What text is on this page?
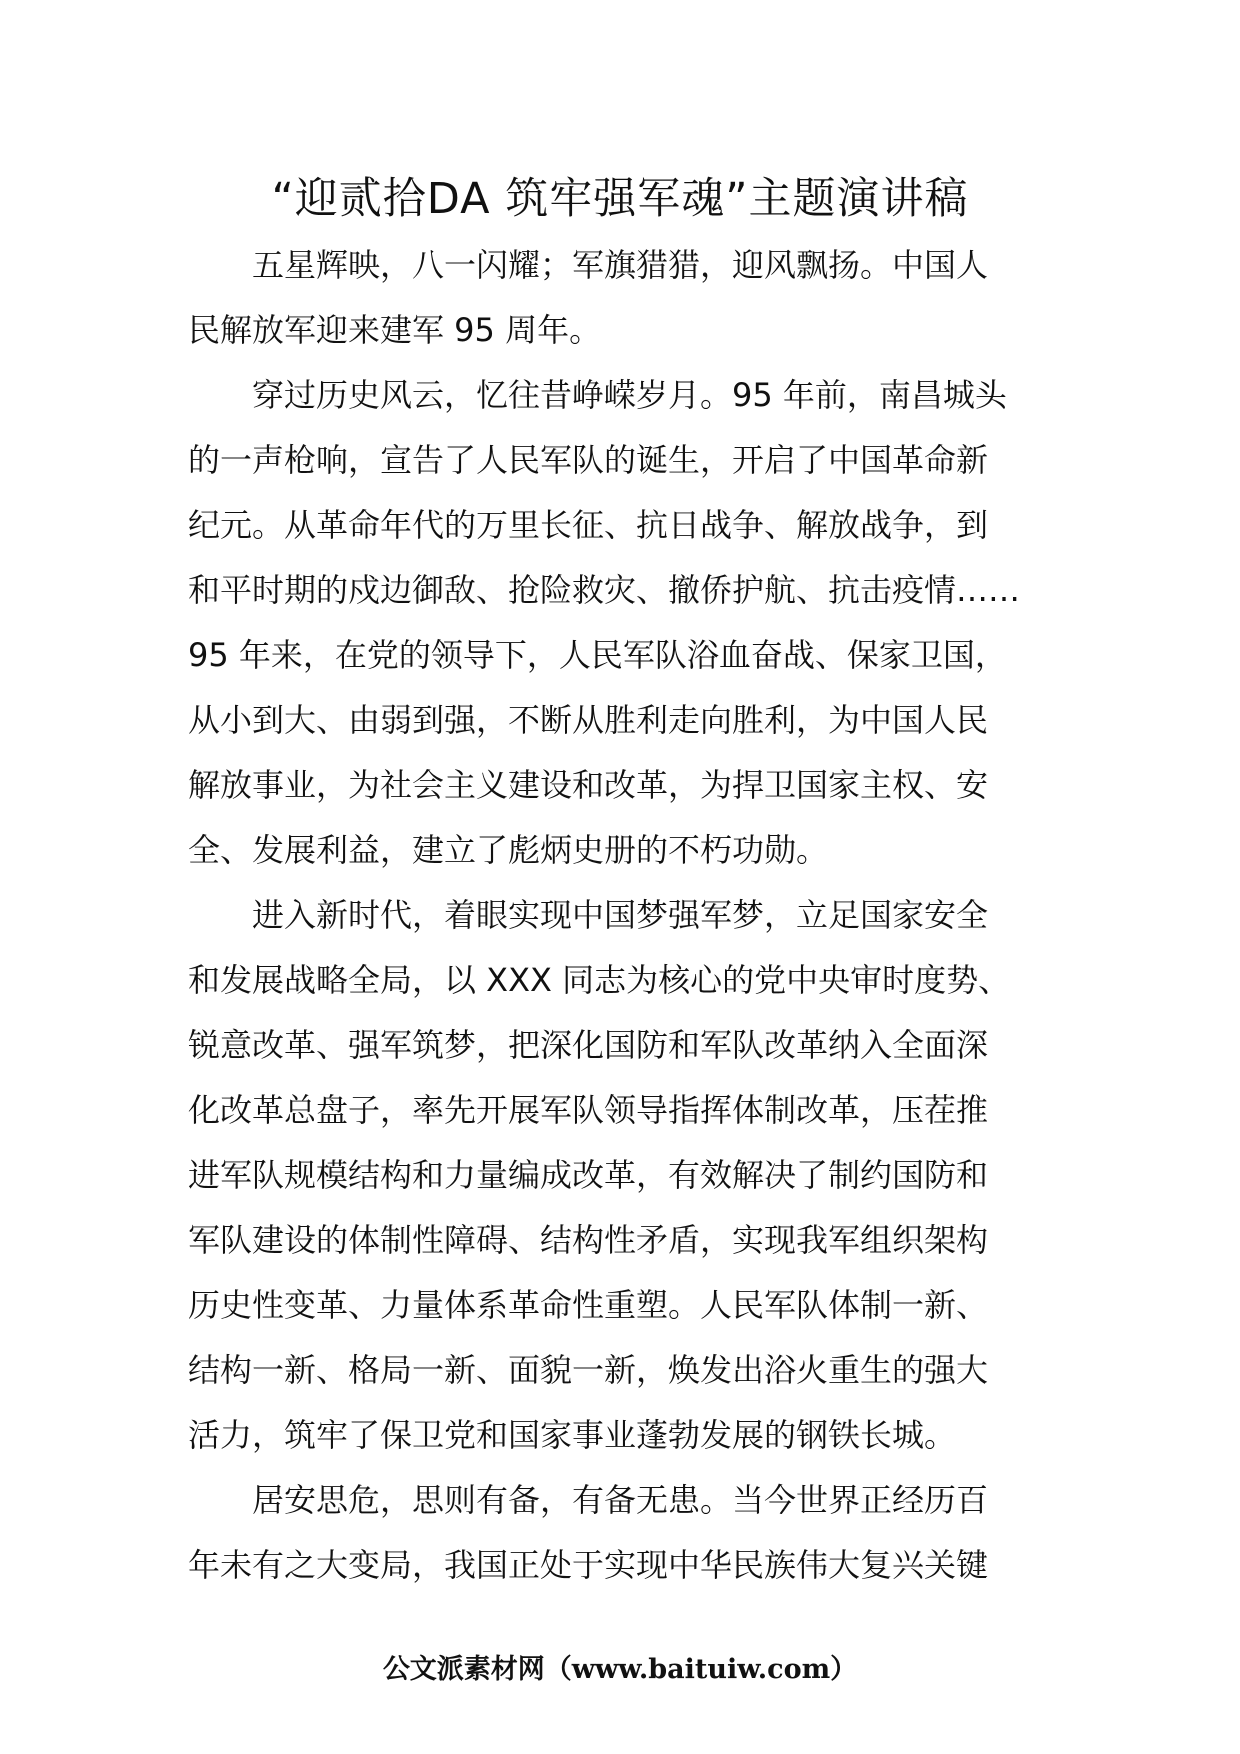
“迎贰拾DA 筑牢强军魂”主题演讲稿

五星辉映，八一闪耀；军旗猎猎，迎风飘扬。中国人
民解放军迎来建军 95 周年。

穿过历史风云，忆往昔峥嵘岁月。95 年前，南昌城头
的一声枪响，宣告了人民军队的诞生，开启了中国革命新
纪元。从革命年代的万里长征、抗日战争、解放战争，到
和平时期的戍边御敌、抢险救灾、撤侨护航、抗击疫情……
95 年来，在党的领导下，人民军队浴血奋战、保家卫国，
从小到大、由弱到强，不断从胜利走向胜利，为中国人民
解放事业，为社会主义建设和改革，为捍卫国家主权、安
全、发展利益，建立了彪炳史册的不朽功勋。

进入新时代，着眼实现中国梦强军梦，立足国家安全
和发展战略全局，以 XXX 同志为核心的党中央审时度势、
锐意改革、强军筑梦，把深化国防和军队改革纳入全面深
化改革总盘子，率先开展军队领导指挥体制改革，压茬推
进军队规模结构和力量编成改革，有效解决了制约国防和
军队建设的体制性障碍、结构性矛盾，实现我军组织架构
历史性变革、力量体系革命性重塑。人民军队体制一新、
结构一新、格局一新、面貌一新，焕发出浴火重生的强大
活力，筑牢了保卫党和国家事业蓬勃发展的钢铁长城。

居安思危，思则有备，有备无患。当今世界正经历百
年未有之大变局，我国正处于实现中华民族伟大复兴关键

公文派素材网（www.baituiw.com）
